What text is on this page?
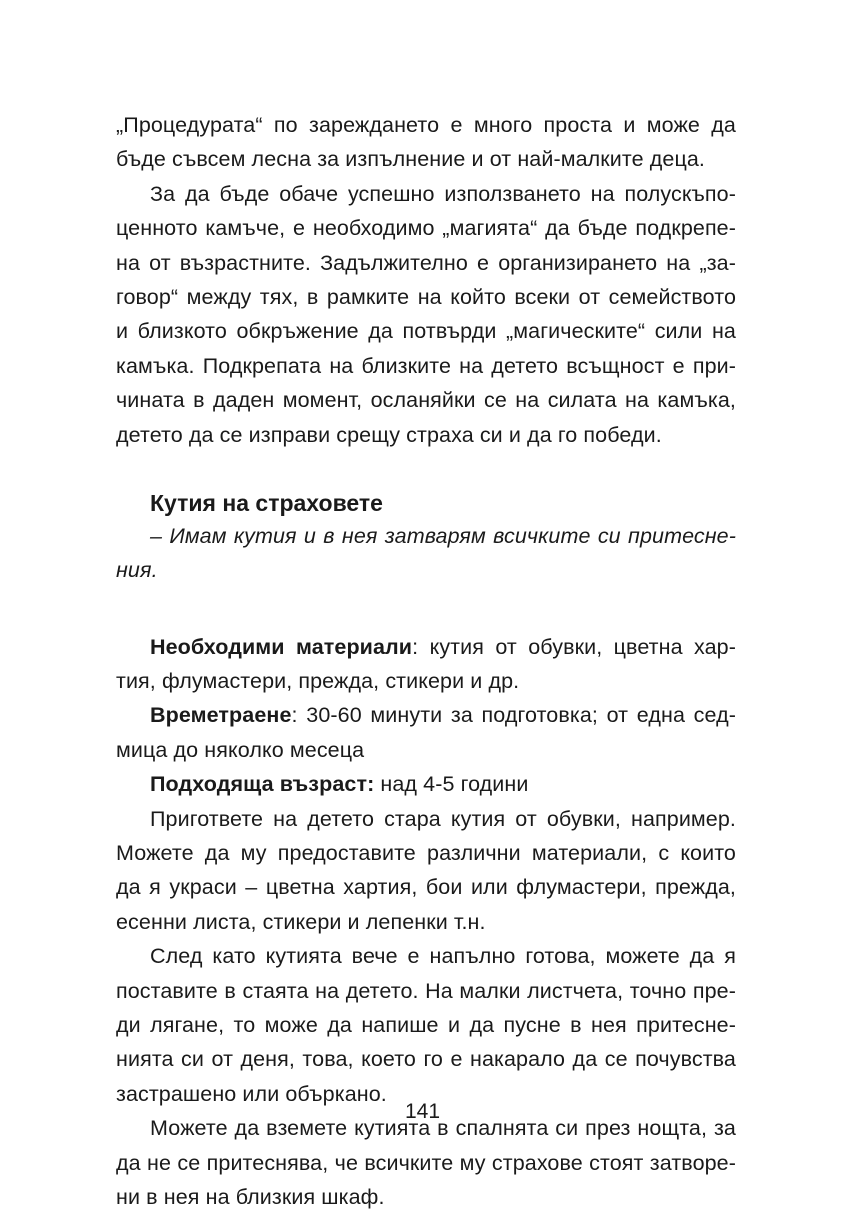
„Процедурата“ по зареждането е много проста и може да
бъде съвсем лесна за изпълнение и от най-малките деца.
За да бъде обаче успешно използването на полускъпо-
ценното камъче, е необходимо „магията“ да бъде подкрепе-
на от възрастните. Задължително е организирането на „за-
говор“ между тях, в рамките на който всеки от семейството
и близкото обкръжение да потвърди „магическите“ сили на
камъка. Подкрепата на близките на детето всъщност е при-
чината в даден момент, осланяйки се на силата на камъка,
детето да се изправи срещу страха си и да го победи.
Кутия на страховете
– Имам кутия и в нея затварям всичките си притесне-
ния.
Необходими материали: кутия от обувки, цветна хар-
тия, флумастери, прежда, стикери и др.
Времетраене: 30-60 минути за подготовка; от една сед-
мица до няколко месеца
Подходяща възраст: над 4-5 години
Пригответе на детето стара кутия от обувки, например.
Можете да му предоставите различни материали, с които
да я украси – цветна хартия, бои или флумастери, прежда,
есенни листа, стикери и лепенки т.н.
След като кутията вече е напълно готова, можете да я
поставите в стаята на детето. На малки листчета, точно пре-
ди лягане, то може да напише и да пусне в нея притесне-
нията си от деня, това, което го е накарало да се почувства
застрашено или объркано.
Можете да вземете кутията в спалнята си през нощта, за
да не се притеснява, че всичките му страхове стоят затворе-
ни в нея на близкия шкаф.
141
